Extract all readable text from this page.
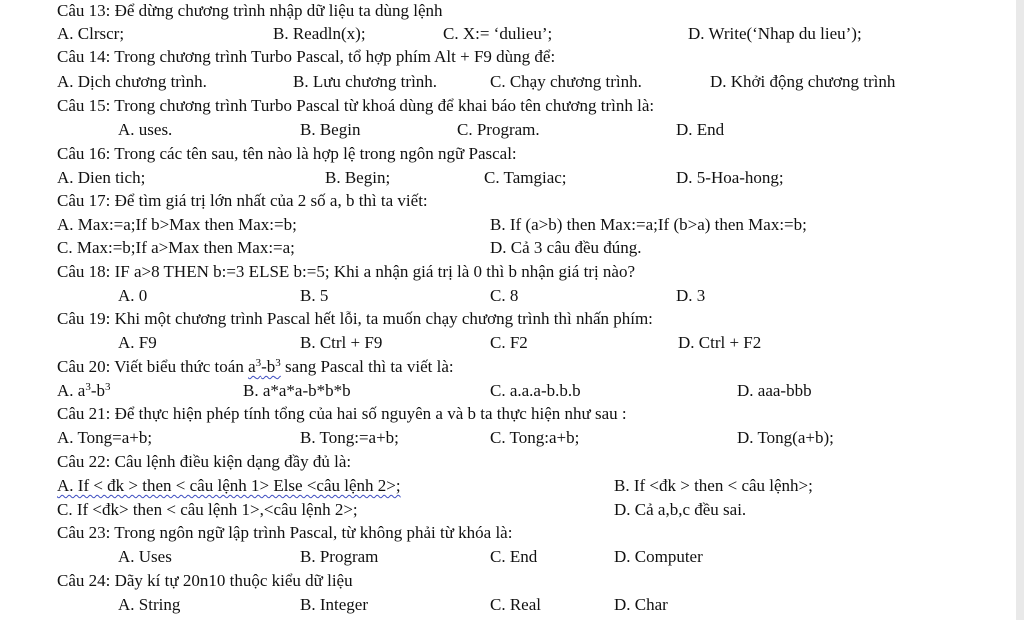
Câu 13: Để dừng chương trình nhập dữ liệu ta dùng lệnh
A. Clrscr;	B. Readln(x);	C. X:= ‘dulieu’;	D. Write(‘Nhap du lieu’);
Câu 14: Trong chương trình Turbo Pascal, tổ hợp phím Alt + F9 dùng để:
A. Dịch chương trình.	B. Lưu chương trình.	C. Chạy chương trình.	D. Khởi động chương trình
Câu 15: Trong chương trình Turbo Pascal từ khoá dùng để khai báo tên chương trình là:
A. uses.	B. Begin	C. Program.	D. End
Câu 16: Trong các tên sau, tên nào là hợp lệ trong ngôn ngữ Pascal:
A. Dien tich;	B. Begin;	C. Tamgiac;	D. 5-Hoa-hong;
Câu 17: Để tìm giá trị lớn nhất của 2 số a, b thì ta viết:
A. Max:=a;If b>Max then Max:=b;	B. If (a>b) then Max:=a;If (b>a) then Max:=b;
C. Max:=b;If a>Max then Max:=a;	D. Cả 3 câu đều đúng.
Câu 18: IF a>8 THEN b:=3 ELSE b:=5; Khi a nhận giá trị là 0 thì b nhận giá trị nào?
A. 0	B. 5	C. 8	D. 3
Câu 19: Khi một chương trình Pascal hết lỗi, ta muốn chạy chương trình thì nhấn phím:
A. F9	B. Ctrl + F9	C. F2	D. Ctrl + F2
Câu 20: Viết biểu thức toán $a^3-b^3$ sang Pascal thì ta viết là:
A. $a^3-b^3$	B. a*a*a-b*b*b	C. a.a.a-b.b.b	D. aaa-bbb
Câu 21: Để thực hiện phép tính tổng của hai số nguyên a và b ta thực hiện như sau :
A. Tong=a+b;	B. Tong:=a+b;	C. Tong:a+b;	D. Tong(a+b);
Câu 22: Câu lệnh điều kiện dạng đầy đủ là:
A. If < đk > then < câu lệnh 1> Else <câu lệnh 2>;	B. If <đk > then < câu lệnh>;
C. If <đk> then < câu lệnh 1>,<câu lệnh 2>;	D. Cả a,b,c đều sai.
Câu 23: Trong ngôn ngữ lập trình Pascal, từ không phải từ khóa là:
A. Uses	B. Program	C. End	D. Computer
Câu 24: Dãy kí tự 20n10 thuộc kiểu dữ liệu
A. String	B. Integer	C. Real	D. Char
